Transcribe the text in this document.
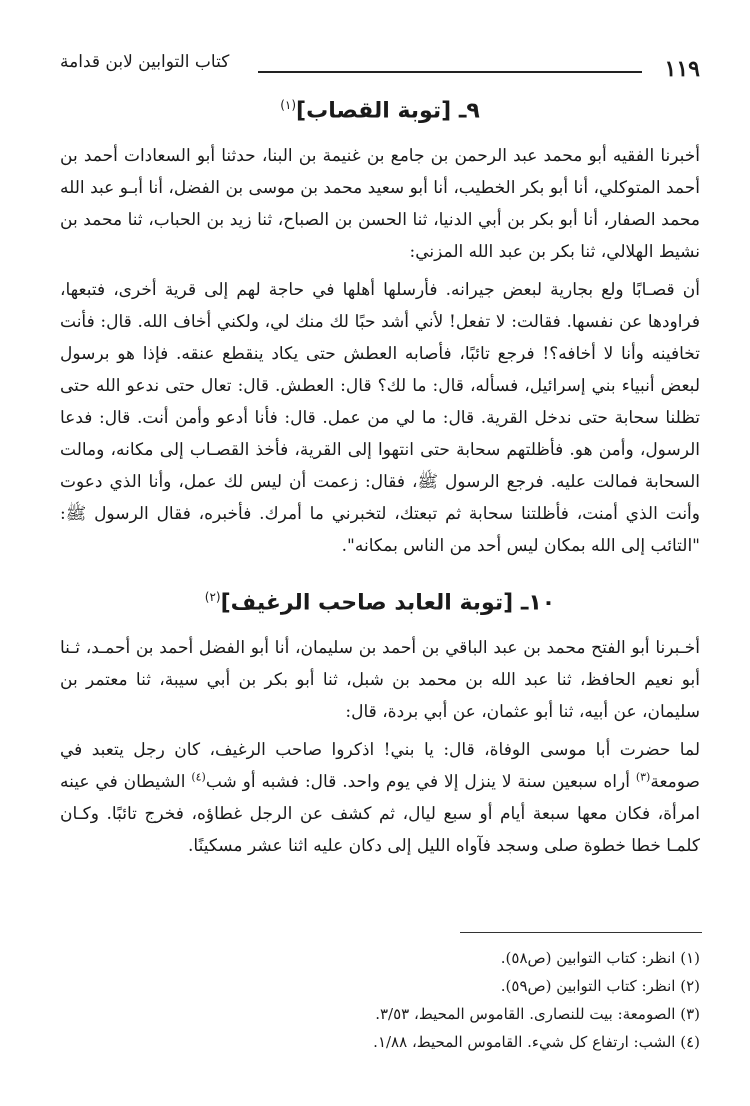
١١٩
كتاب التوابين لابن قدامة
٩ـ [توبة القصاب]$^{(١)}$

أخبرنا الفقيه أبو محمد عبد الرحمن بن جامع بن غنيمة بن البنا، حدثنا أبو السعادات أحمد بن أحمد المتوكلي، أنا أبو بكر الخطيب، أنا أبو سعيد محمد بن موسى بن الفضل، أنا أبـو عبد الله محمد الصفار، أنا أبو بكر بن أبي الدنيا، ثنا الحسن بن الصباح، ثنا زيد بن الحباب، ثنا محمد بن نشيط الهلالي، ثنا بكر بن عبد الله المزني:

أن قصـابًا ولع بجارية لبعض جيرانه. فأرسلها أهلها في حاجة لهم إلى قرية أخرى، فتبعها، فراودها عن نفسها. فقالت: لا تفعل! لأني أشد حبًا لك منك لي، ولكني أخاف الله. قال: فأنت تخافينه وأنا لا أخافه؟! فرجع تائبًا، فأصابه العطش حتى يكاد ينقطع عنقه. فإذا هو برسول لبعض أنبياء بني إسرائيل، فسأله، قال: ما لك؟ قال: العطش. قال: تعال حتى ندعو الله حتى تظلنا سحابة حتى ندخل القرية. قال: ما لي من عمل. قال: فأنا أدعو وأمن أنت. قال: فدعا الرسول، وأمن هو. فأظلتهم سحابة حتى انتهوا إلى القرية، فأخذ القصـاب إلى مكانه، ومالت السحابة فمالت عليه. فرجع الرسول ﷺ، فقال: زعمت أن ليس لك عمل، وأنا الذي دعوت وأنت الذي أمنت، فأظلتنا سحابة ثم تبعتك، لتخبرني ما أمرك. فأخبره، فقال الرسول ﷺ: "التائب إلى الله بمكان ليس أحد من الناس بمكانه".

١٠ـ [توبة العابد صاحب الرغيف]$^{(٢)}$

أخـبرنا أبو الفتح محمد بن عبد الباقي بن أحمد بن سليمان، أنا أبو الفضل أحمد بن أحمـد، ثـنا أبو نعيم الحافظ، ثنا عبد الله بن محمد بن شبل، ثنا أبو بكر بن أبي سيبة، ثنا معتمر بن سليمان، عن أبيه، ثنا أبو عثمان، عن أبي بردة، قال:

لما حضرت أبا موسى الوفاة، قال: يا بني! اذكروا صاحب الرغيف، كان رجل يتعبد في صومعة$^{(٣)}$ أراه سبعين سنة لا ينزل إلا في يوم واحد. قال: فشبه أو شب$^{(٤)}$ الشيطان في عينه امرأة، فكان معها سبعة أيام أو سبع ليال، ثم كشف عن الرجل غطاؤه، فخرج تائبًا. وكـان كلمـا خطا خطوة صلى وسجد فآواه الليل إلى دكان عليه اثنا عشر مسكينًا.

(١) انظر: كتاب التوابين (ص٥٨).

(٢) انظر: كتاب التوابين (ص٥٩).

(٣) الصومعة: بيت للنصارى. القاموس المحيط، ٣/٥٣.

(٤) الشب: ارتفاع كل شيء. القاموس المحيط، ١/٨٨.
